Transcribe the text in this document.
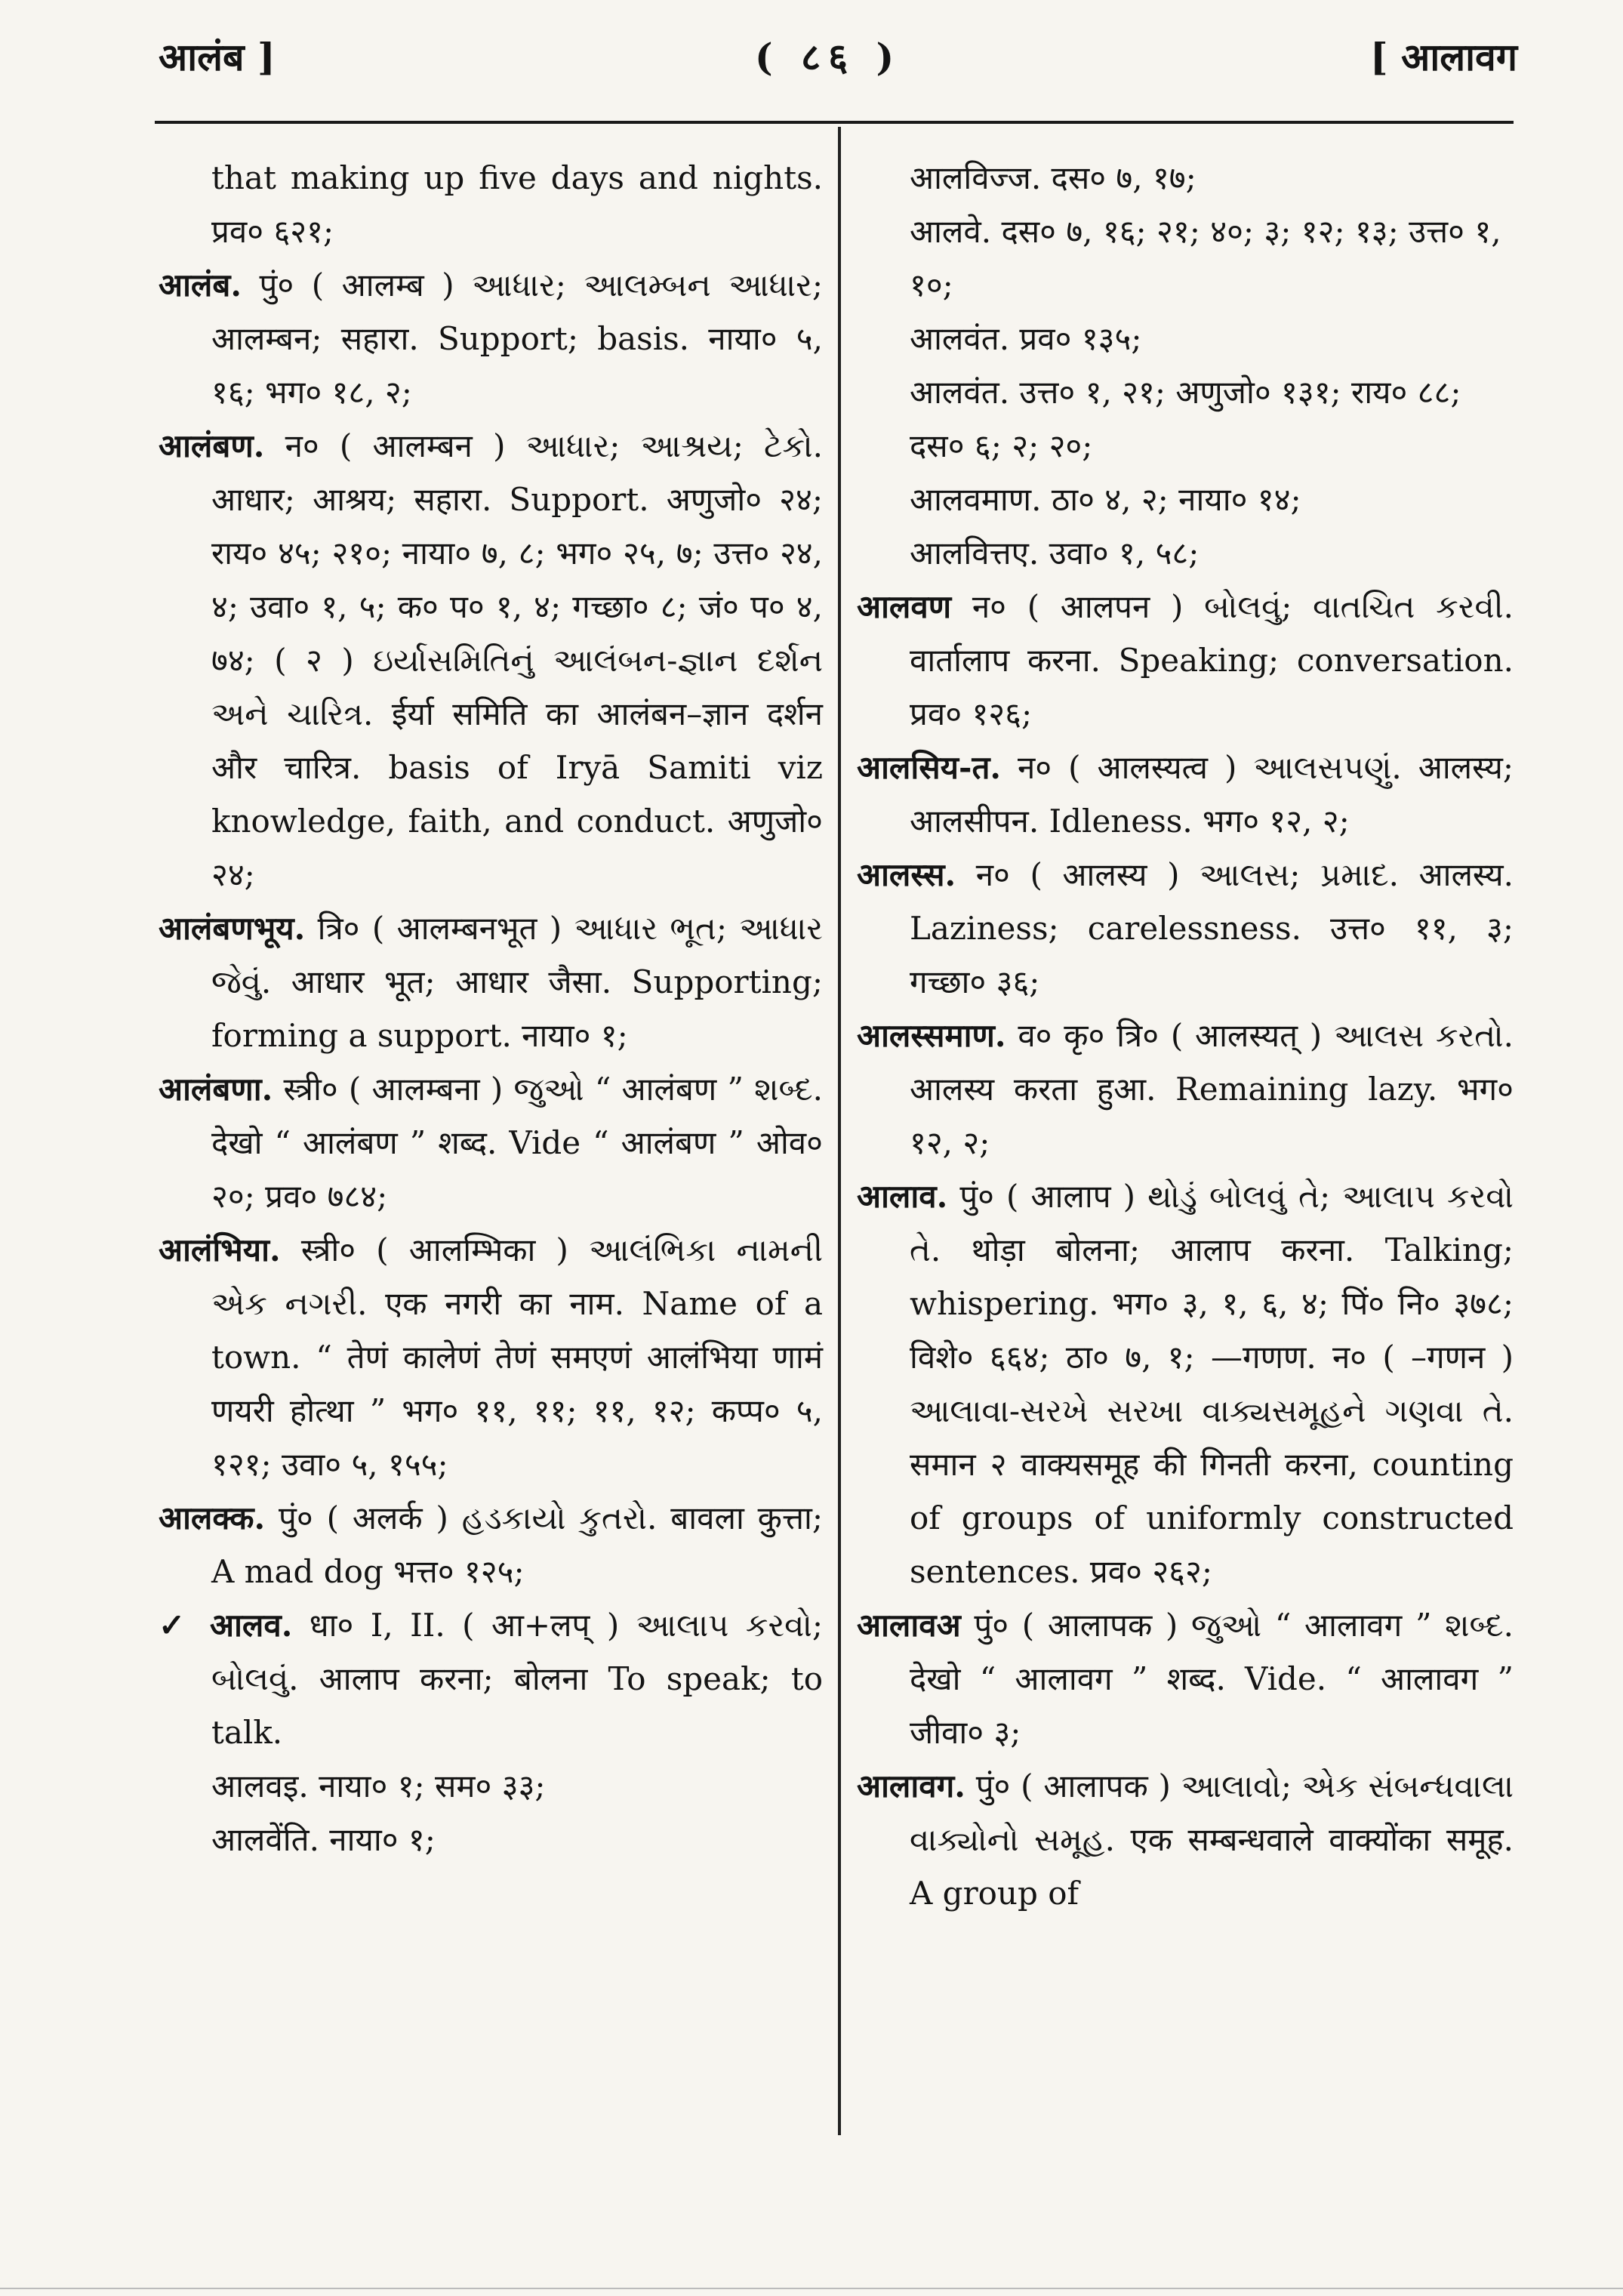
आलंब ]	( ८६ )	[ आलावग
that making up five days and nights. प्रव० ६२१;
आलंब. पुं० ( आलम्ब ) આધાર; આલમ્બન આધાર; आलम्बन; सहारा. Support; basis. नाया० ५, १६; भग० १८, २;
आलंबण. न० ( आलम्बन ) આધાર; આશ્રય; ટેકો. आधार; आश्रय; सहारा. Support. अणुजो० २४; राय० ४५; २१०; नाया० ७, ८; भग० २५, ७; उत्त० २४, ४; उवा० १, ५; क० प० १, ४; गच्छा० ८; जं० प० ४, ७४; ( २ ) ઇર્યાસમિતિનું આલંબન-જ્ઞાન દર્શન અને ચારિત્ર. ईर्या समिति का आलंबन–ज्ञान दर्शन और चारित्र. basis of Iryā Samiti viz knowledge, faith, and conduct. अणुजो० २४;
आलंबणभूय. त्रि० ( आलम्बनभूत ) આધાર ભૂત; આધાર જેવું. आधार भूत; आधार जैसा. Supporting; forming a support. नाया० १;
आलंबणा. स्त्री० ( आलम्बना ) જુઓ “ आलंबण ” શબ્દ. देखो “ आलंबण ” शब्द. Vide “ आलंबण ” ओव० २०; प्रव० ७८४;
आलंभिया. स्त्री० ( आलम्भिका ) આલંભિકા નામની એક નગરી. एक नगरी का नाम. Name of a town. “ तेणं कालेणं तेणं समएणं आलंभिया णामं णयरी होत्था ” भग० ११, ११; ११, १२; कप्प० ५, १२१; उवा० ५, १५५;
आलक्क. पुं० ( अलर्क ) હડકાયો કુતરો. बावला कुत्ता; A mad dog भत्त० १२५;
✓ आलव. धा० I, II. ( आ+लप् ) આલાપ કરવો; બોલવું. आलाप करना; बोलना To speak; to talk.
आलवइ. नाया० १; सम० ३३;
आलवेंति. नाया० १;
आलविज्ज. दस० ७, १७;
आलवे. दस० ७, १६; २१; ४०; ३; १२; १३; उत्त० १, १०;
आलवंत. प्रव० १३५;
आलवंत. उत्त० १, २१; अणुजो० १३१; राय० ८८; दस० ६; २; २०;
आलवमाण. ठा० ४, २; नाया० १४;
आलवित्तए. उवा० १, ५८;
आलवण न० ( आलपन ) બોલવું; વાતચિત કરવી. वार्तालाप करना. Speaking; conversation. प्रव० १२६;
आलसिय-त. न० ( आलस्यत्व ) આલસપણું. आलस्य; आलसीपन. Idleness. भग० १२, २;
आलस्स. न० ( आलस्य ) આલસ; પ્રમાદ. आलस्य. Laziness; carelessness. उत्त० ११, ३; गच्छा० ३६;
आलस्समाण. व० कृ० त्रि० ( आलस्यत् ) આલસ કરતો. आलस्य करता हुआ. Remaining lazy. भग० १२, २;
आलाव. पुं० ( आलाप ) થોડું બોલવું તે; આલાપ કરવો તે. थोड़ा बोलना; आलाप करना. Talking; whispering. भग० ३, १, ६, ४; पिं० नि० ३७८; विशे० ६६४; ठा० ७, १; —गणण. न० ( –गणन ) આલાવા-સરખે સરખા વાક્યસમૂહને ગણવા તે. समान २ वाक्यसमूह की गिनती करना, counting of groups of uniformly constructed sentences. प्रव० २६२;
आलावअ पुं० ( आलापक ) જુઓ “ आलावग ” શબ્દ. देखो “ आलावग ” शब्द. Vide. “ आलावग ” जीवा० ३;
आलावग. पुं० ( आलापक ) આલાવો; એક સંબન્ધવાલા વાક્યોનો સમૂહ. एक सम्बन्धवाले वाक्योंका समूह. A group of
